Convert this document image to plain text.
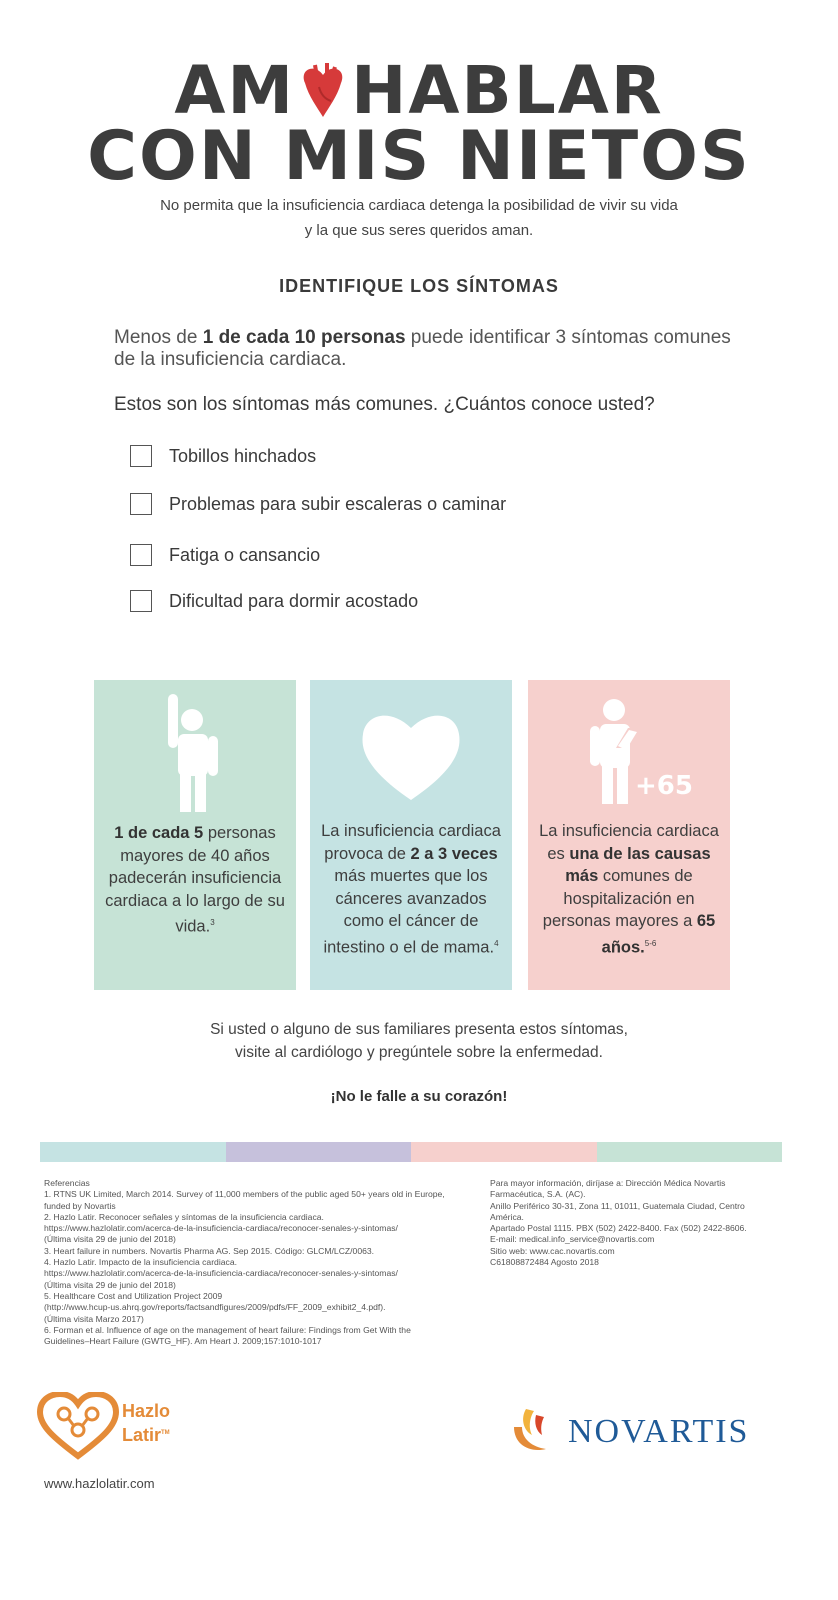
AM HABLAR
CON MIS NIETOS
No permita que la insuficiencia cardiaca detenga la posibilidad de vivir su vida
y la que sus seres queridos aman.
IDENTIFIQUE LOS SÍNTOMAS
Menos de 1 de cada 10 personas puede identificar 3 síntomas comunes de la insuficiencia cardiaca.
Estos son los síntomas más comunes. ¿Cuántos conoce usted?
Tobillos hinchados
Problemas para subir escaleras o caminar
Fatiga o cansancio
Dificultad para dormir acostado
1 de cada 5 personas mayores de 40 años padecerán insuficiencia cardiaca a lo largo de su vida.$^3$
La insuficiencia cardiaca provoca de 2 a 3 veces más muertes que los cánceres avanzados como el cáncer de intestino o el de mama.$^4$
+65
La insuficiencia cardiaca es una de las causas más comunes de hospitalización en personas mayores a 65 años.$^{5-6}$
Si usted o alguno de sus familiares presenta estos síntomas,
visite al cardiólogo y pregúntele sobre la enfermedad.
¡No le falle a su corazón!
Referencias
1. RTNS UK Limited, March 2014. Survey of 11,000 members of the public aged 50+ years old in Europe, funded by Novartis
2. Hazlo Latir. Reconocer señales y síntomas de la insuficiencia cardiaca.
https://www.hazlolatir.com/acerca-de-la-insuficiencia-cardiaca/reconocer-senales-y-sintomas/
(Última visita 29 de junio del 2018)
3. Heart failure in numbers. Novartis Pharma AG. Sep 2015. Código: GLCM/LCZ/0063.
4. Hazlo Latir. Impacto de la insuficiencia cardiaca.
https://www.hazlolatir.com/acerca-de-la-insuficiencia-cardiaca/reconocer-senales-y-sintomas/
(Última visita 29 de junio del 2018)
5. Healthcare Cost and Utilization Project 2009
(http://www.hcup-us.ahrq.gov/reports/factsandfigures/2009/pdfs/FF_2009_exhibit2_4.pdf).
(Última visita Marzo 2017)
6. Forman et al. Influence of age on the management of heart failure: Findings from Get With the Guidelines–Heart Failure (GWTG_HF). Am Heart J. 2009;157:1010-1017
Para mayor información, diríjase a: Dirección Médica Novartis Farmacéutica, S.A. (AC).
Anillo Periférico 30-31, Zona 11, 01011, Guatemala Ciudad, Centro América.
Apartado Postal 1115. PBX (502) 2422-8400. Fax (502) 2422-8606.
E-mail: medical.info_service@novartis.com
Sitio web: www.cac.novartis.com
C61808872484 Agosto 2018
Hazlo
Latir™
www.hazlolatir.com
NOVARTIS
